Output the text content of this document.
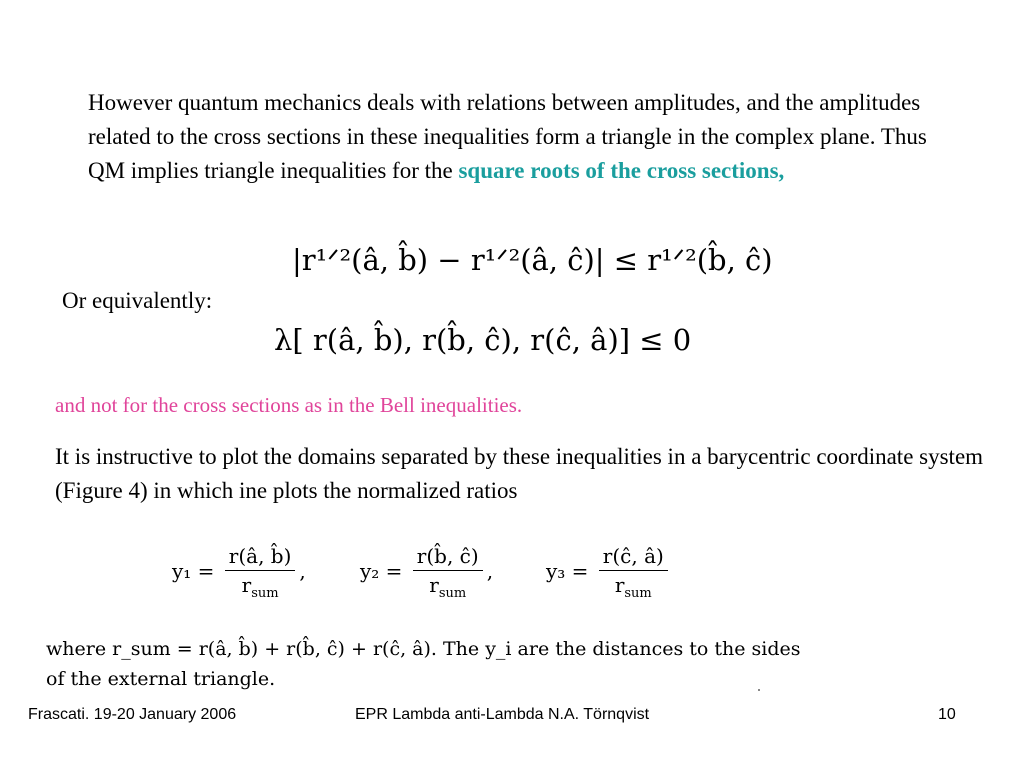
However quantum mechanics deals with relations between amplitudes, and the amplitudes related to the cross sections in these inequalities form a triangle in the complex plane. Thus QM implies triangle inequalities for the square roots of the cross sections,
|r¹ᐟ²(â, b̂) − r¹ᐟ²(â, ĉ)| ≤ r¹ᐟ²(b̂, ĉ)
Or equivalently:
λ[ r(â, b̂), r(b̂, ĉ), r(ĉ, â)] ≤ 0
and not for the cross sections as in the Bell inequalities.
It is instructive to plot the domains separated by these inequalities in a barycentric coordinate system (Figure 4) in which ine plots the normalized ratios
$y_1 = \frac{r(â, b̂)}{r_{sum}}$ ,	$y_2 = \frac{r(b̂, ĉ)}{r_{sum}}$ ,	$y_3 = \frac{r(ĉ, â)}{r_{sum}}$
where r_sum = r(â, b̂) + r(b̂, ĉ) + r(ĉ, â). The y_i are the distances to the sides
of the external triangle.
Frascati. 19-20 January 2006	EPR Lambda anti-Lambda N.A. Törnqvist	10
